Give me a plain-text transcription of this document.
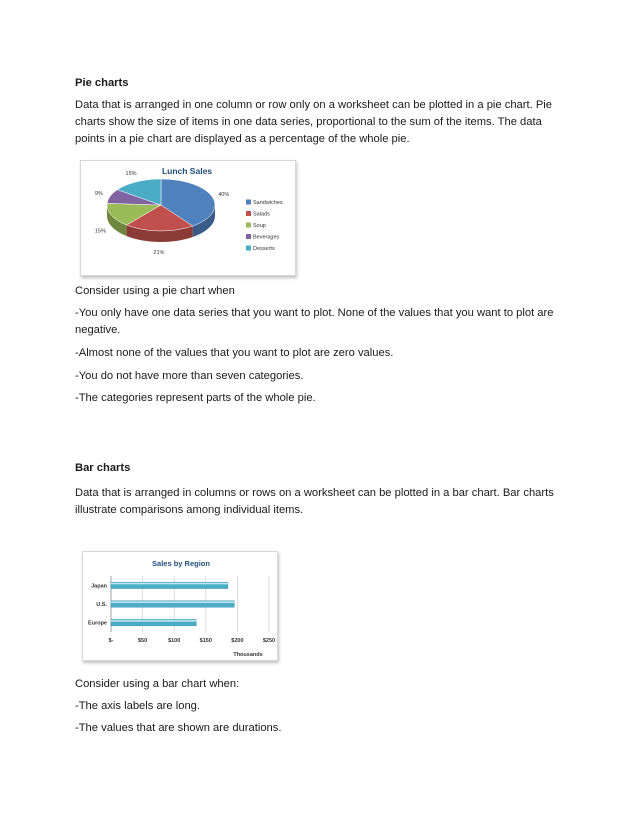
Pie charts
Data that is arranged in one column or row only on a worksheet can be plotted in a pie chart. Pie charts show the size of items in one data series, proportional to the sum of the items. The data points in a pie chart are displayed as a percentage of the whole pie.
Lunch Sales
40%
21%
15%
9%
15%
Sandwiches
Salads
Soup
Beverages
Desserts
Consider using a pie chart when
-You only have one data series that you want to plot. None of the values that you want to plot are negative.
-Almost none of the values that you want to plot are zero values.
-You do not have more than seven categories.
-The categories represent parts of the whole pie.
Bar charts
Data that is arranged in columns or rows on a worksheet can be plotted in a bar chart. Bar charts illustrate comparisons among individual items.
Sales by Region
Japan
U.S.
Europe
$-	$50	$100	$150	$200	$250
Thousands
Consider using a bar chart when:
-The axis labels are long.
-The values that are shown are durations.
